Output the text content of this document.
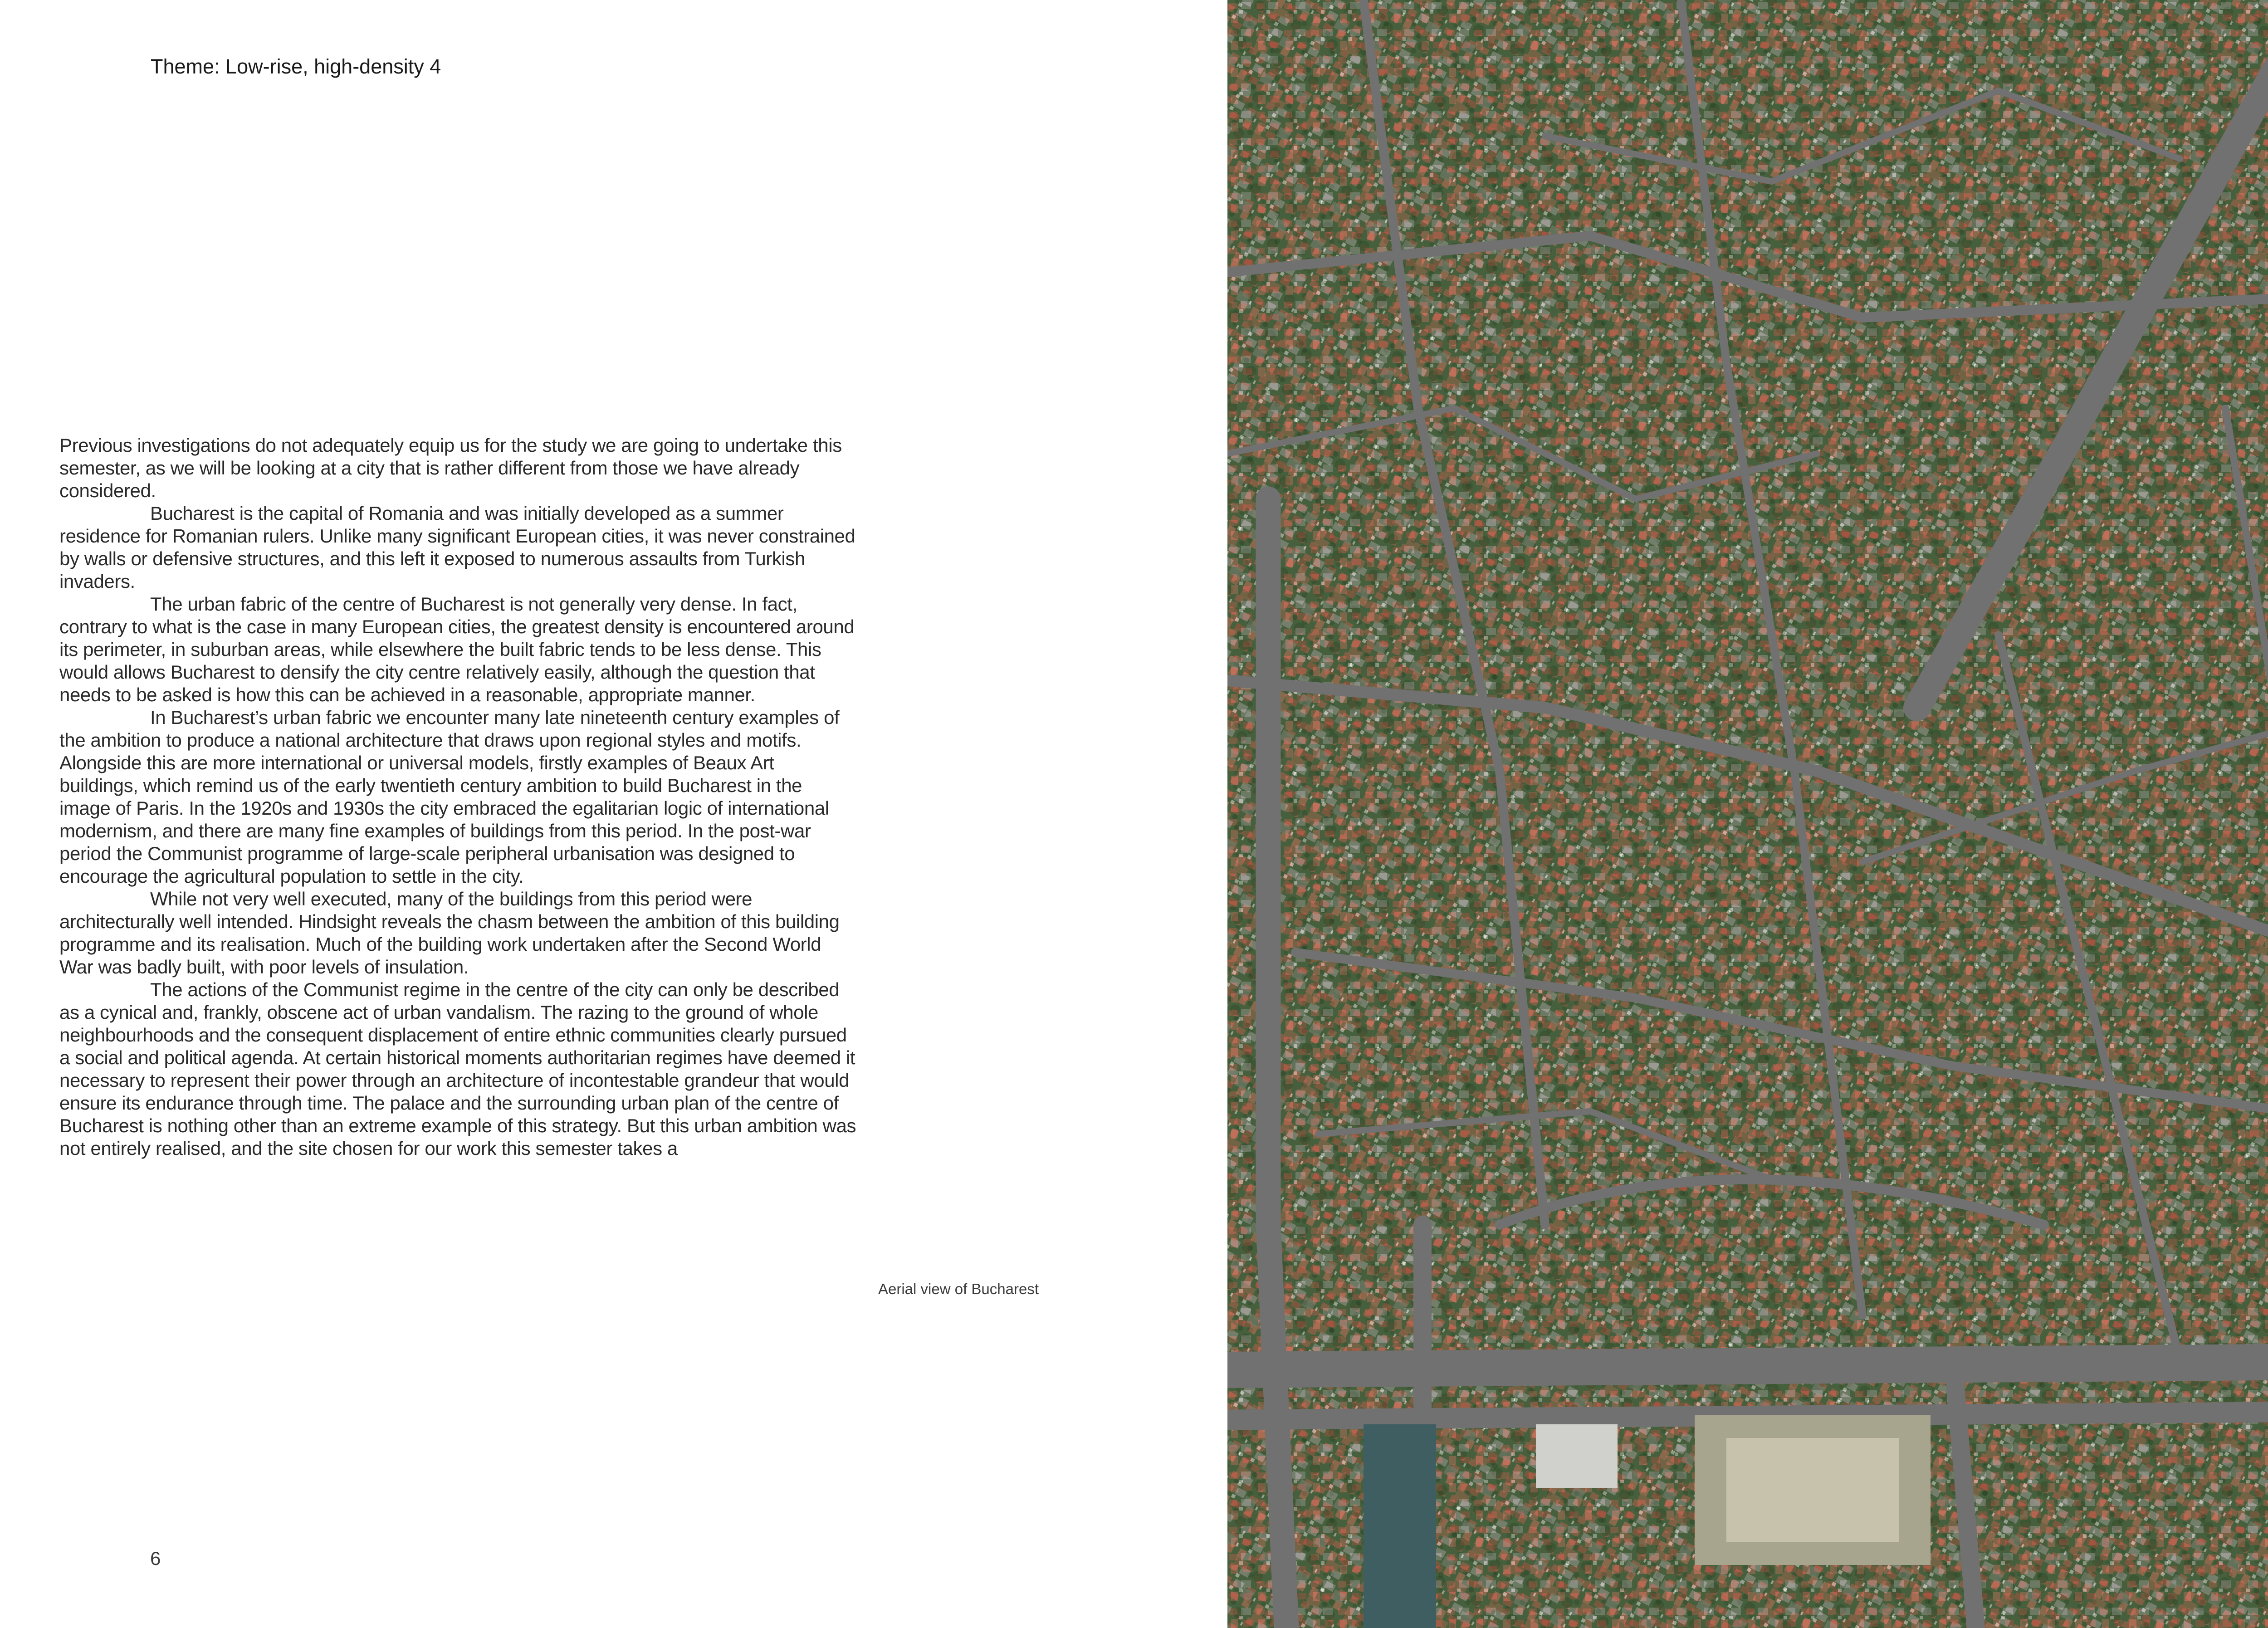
Theme: Low-rise, high-density 4

Previous investigations do not adequately equip us for the study we are going to undertake this semester, as we will be looking at a city that is rather different from those we have already considered.

Bucharest is the capital of Romania and was initially developed as a summer residence for Romanian rulers. Unlike many significant European cities, it was never constrained by walls or defensive structures, and this left it exposed to numerous assaults from Turkish invaders.

The urban fabric of the centre of Bucharest is not generally very dense. In fact, contrary to what is the case in many European cities, the greatest density is encountered around its perimeter, in suburban areas, while elsewhere the built fabric tends to be less dense. This would allows Bucharest to densify the city centre relatively easily, although the question that needs to be asked is how this can be achieved in a reasonable, appropriate manner.

In Bucharest’s urban fabric we encounter many late nineteenth century examples of the ambition to produce a national architecture that draws upon regional styles and motifs. Alongside this are more international or universal models, firstly examples of Beaux Art buildings, which remind us of the early twentieth century ambition to build Bucharest in the image of Paris. In the 1920s and 1930s the city embraced the egalitarian logic of international modernism, and there are many fine examples of buildings from this period. In the post-war period the Communist programme of large-scale peripheral urbanisation was designed to encourage the agricultural population to settle in the city.

While not very well executed, many of the buildings from this period were architecturally well intended. Hindsight reveals the chasm between the ambition of this building programme and its realisation. Much of the building work undertaken after the Second World War was badly built, with poor levels of insulation.

The actions of the Communist regime in the centre of the city can only be described as a cynical and, frankly, obscene act of urban vandalism. The razing to the ground of whole neighbourhoods and the consequent displacement of entire ethnic communities clearly pursued a social and political agenda. At certain historical moments authoritarian regimes have deemed it necessary to represent their power through an architecture of incontestable grandeur that would ensure its endurance through time. The palace and the surrounding urban plan of the centre of Bucharest is nothing other than an extreme example of this strategy. But this urban ambition was not entirely realised, and the site chosen for our work this semester takes a

Aerial view of Bucharest
6
